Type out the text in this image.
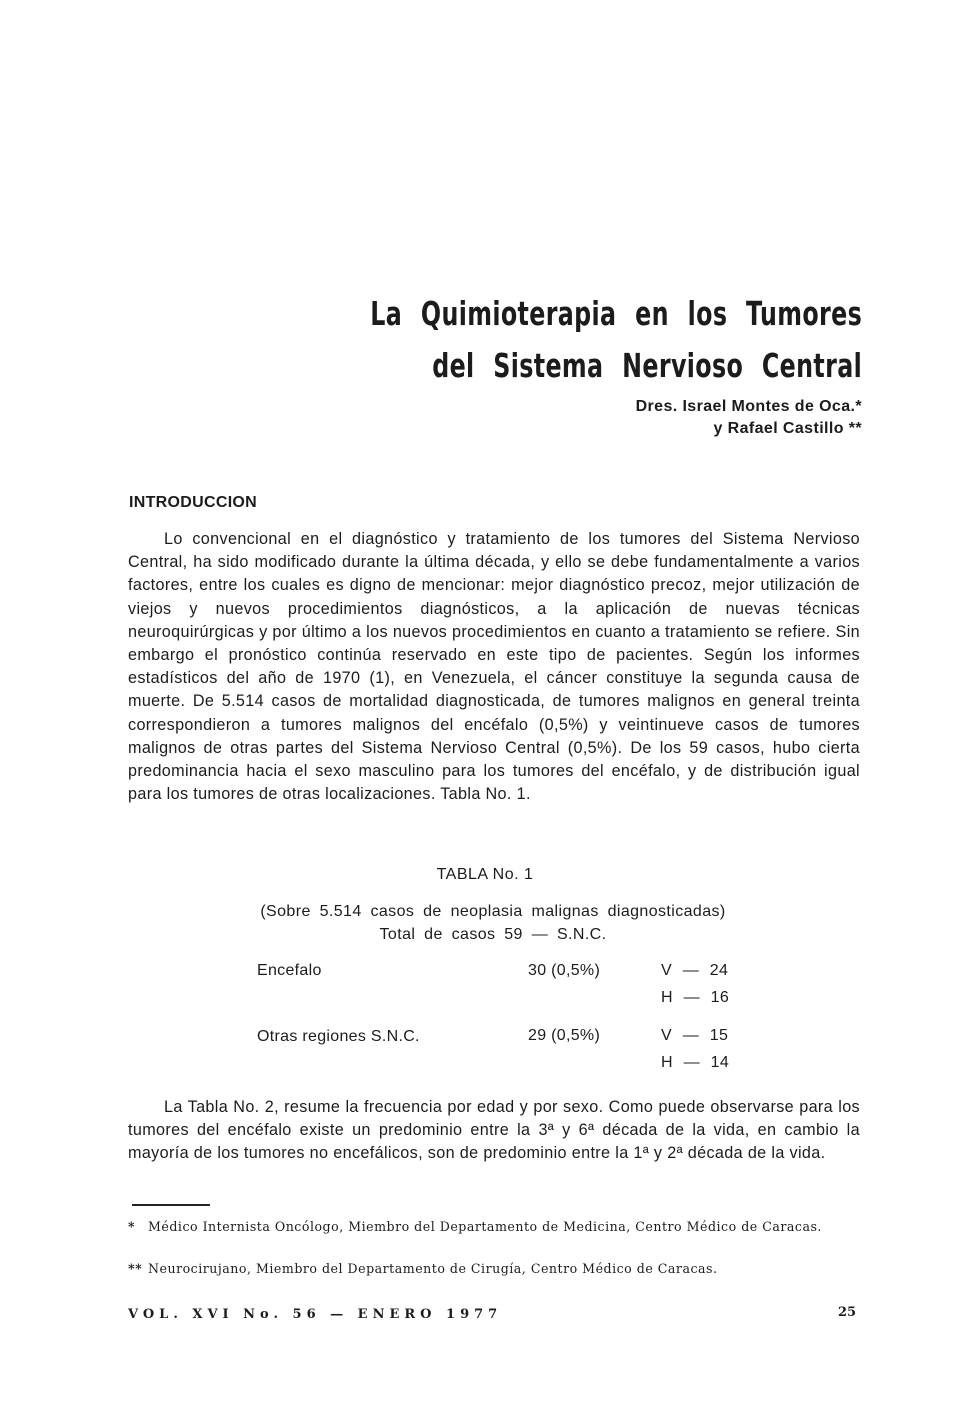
La Quimioterapia en los Tumores
del Sistema Nervioso Central
Dres. Israel Montes de Oca.*
y Rafael Castillo **
INTRODUCCION

Lo convencional en el diagnóstico y tratamiento de los tumores del Sistema Nervioso Central, ha sido modificado durante la última década, y ello se debe fundamentalmente a varios factores, entre los cuales es digno de mencionar: mejor diagnóstico precoz, mejor utilización de viejos y nuevos procedimientos diagnósticos, a la aplicación de nuevas técnicas neuroquirúrgicas y por último a los nuevos procedimientos en cuanto a tratamiento se refiere. Sin embargo el pronóstico continúa reservado en este tipo de pacientes. Según los informes estadísticos del año de 1970 (1), en Venezuela, el cáncer constituye la segunda causa de muerte. De 5.514 casos de mortalidad diagnosticada, de tumores malignos en general treinta correspondieron a tumores malignos del encéfalo (0,5%) y veintinueve casos de tumores malignos de otras partes del Sistema Nervioso Central (0,5%). De los 59 casos, hubo cierta predominancia hacia el sexo masculino para los tumores del encéfalo, y de distribución igual para los tumores de otras localizaciones. Tabla No. 1.

TABLA No. 1
(Sobre 5.514 casos de neoplasia malignas diagnosticadas)
Total de casos 59 — S.N.C.
Encefalo	30 (0,5%)	V — 24
H — 16
Otras regiones S.N.C.	29 (0,5%)	V — 15
H — 14

La Tabla No. 2, resume la frecuencia por edad y por sexo. Como puede observarse para los tumores del encéfalo existe un predominio entre la 3ª y 6ª década de la vida, en cambio la mayoría de los tumores no encefálicos, son de predominio entre la 1ª y 2ª década de la vida.

* Médico Internista Oncólogo, Miembro del Departamento de Medicina, Centro Médico de Caracas.
** Neurocirujano, Miembro del Departamento de Cirugía, Centro Médico de Caracas.
VOL. XVI No. 56 — ENERO 1977	25
